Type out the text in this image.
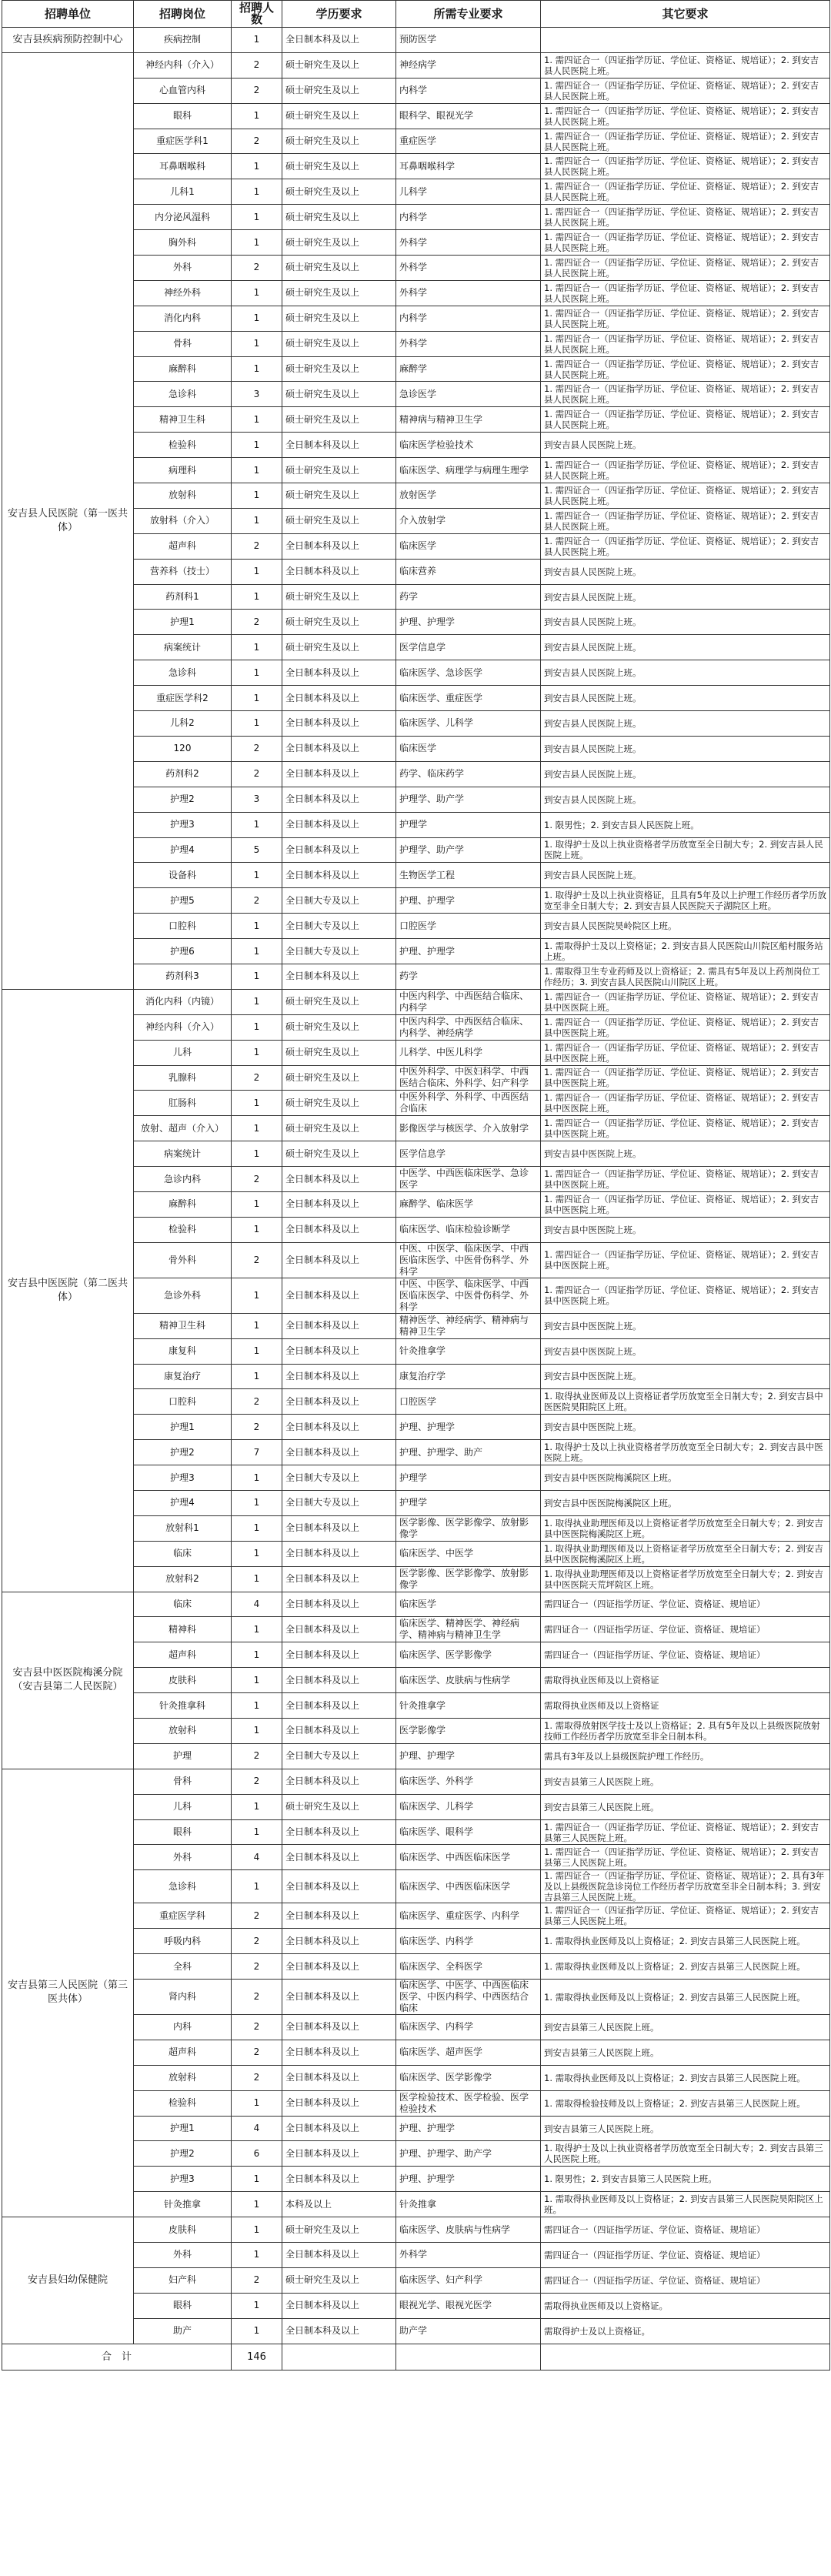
招聘单位	招聘岗位	招聘人数	学历要求	所需专业要求	其它要求
安吉县疾病预防控制中心	疾病控制	1	全日制本科及以上	预防医学	
安吉县人民医院（第一医共体）	神经内科（介入）	2	硕士研究生及以上	神经病学	1. 需四证合一（四证指学历证、学位证、资格证、规培证）；2. 到安吉县人民医院上班。
	心血管内科	2	硕士研究生及以上	内科学	1. 需四证合一（四证指学历证、学位证、资格证、规培证）；2. 到安吉县人民医院上班。
	眼科	1	硕士研究生及以上	眼科学、眼视光学	1. 需四证合一（四证指学历证、学位证、资格证、规培证）；2. 到安吉县人民医院上班。
	重症医学科1	2	硕士研究生及以上	重症医学	1. 需四证合一（四证指学历证、学位证、资格证、规培证）；2. 到安吉县人民医院上班。
	耳鼻咽喉科	1	硕士研究生及以上	耳鼻咽喉科学	1. 需四证合一（四证指学历证、学位证、资格证、规培证）；2. 到安吉县人民医院上班。
	儿科1	1	硕士研究生及以上	儿科学	1. 需四证合一（四证指学历证、学位证、资格证、规培证）；2. 到安吉县人民医院上班。
	内分泌风湿科	1	硕士研究生及以上	内科学	1. 需四证合一（四证指学历证、学位证、资格证、规培证）；2. 到安吉县人民医院上班。
	胸外科	1	硕士研究生及以上	外科学	1. 需四证合一（四证指学历证、学位证、资格证、规培证）；2. 到安吉县人民医院上班。
	外科	2	硕士研究生及以上	外科学	1. 需四证合一（四证指学历证、学位证、资格证、规培证）；2. 到安吉县人民医院上班。
	神经外科	1	硕士研究生及以上	外科学	1. 需四证合一（四证指学历证、学位证、资格证、规培证）；2. 到安吉县人民医院上班。
	消化内科	1	硕士研究生及以上	内科学	1. 需四证合一（四证指学历证、学位证、资格证、规培证）；2. 到安吉县人民医院上班。
	骨科	1	硕士研究生及以上	外科学	1. 需四证合一（四证指学历证、学位证、资格证、规培证）；2. 到安吉县人民医院上班。
	麻醉科	1	硕士研究生及以上	麻醉学	1. 需四证合一（四证指学历证、学位证、资格证、规培证）；2. 到安吉县人民医院上班。
	急诊科	3	硕士研究生及以上	急诊医学	1. 需四证合一（四证指学历证、学位证、资格证、规培证）；2. 到安吉县人民医院上班。
	精神卫生科	1	硕士研究生及以上	精神病与精神卫生学	1. 需四证合一（四证指学历证、学位证、资格证、规培证）；2. 到安吉县人民医院上班。
	检验科	1	全日制本科及以上	临床医学检验技术	到安吉县人民医院上班。
	病理科	1	硕士研究生及以上	临床医学、病理学与病理生理学	1. 需四证合一（四证指学历证、学位证、资格证、规培证）；2. 到安吉县人民医院上班。
	放射科	1	硕士研究生及以上	放射医学	1. 需四证合一（四证指学历证、学位证、资格证、规培证）；2. 到安吉县人民医院上班。
	放射科（介入）	1	硕士研究生及以上	介入放射学	1. 需四证合一（四证指学历证、学位证、资格证、规培证）；2. 到安吉县人民医院上班。
	超声科	2	全日制本科及以上	临床医学	1. 需四证合一（四证指学历证、学位证、资格证、规培证）；2. 到安吉县人民医院上班。
	营养科（技士）	1	全日制本科及以上	临床营养	到安吉县人民医院上班。
	药剂科1	1	硕士研究生及以上	药学	到安吉县人民医院上班。
	护理1	2	硕士研究生及以上	护理、护理学	到安吉县人民医院上班。
	病案统计	1	硕士研究生及以上	医学信息学	到安吉县人民医院上班。
	急诊科	1	全日制本科及以上	临床医学、急诊医学	到安吉县人民医院上班。
	重症医学科2	1	全日制本科及以上	临床医学、重症医学	到安吉县人民医院上班。
	儿科2	1	全日制本科及以上	临床医学、儿科学	到安吉县人民医院上班。
	120	2	全日制本科及以上	临床医学	到安吉县人民医院上班。
	药剂科2	2	全日制本科及以上	药学、临床药学	到安吉县人民医院上班。
	护理2	3	全日制本科及以上	护理学、助产学	到安吉县人民医院上班。
	护理3	1	全日制本科及以上	护理学	1. 限男性；2. 到安吉县人民医院上班。
	护理4	5	全日制本科及以上	护理学、助产学	1. 取得护士及以上执业资格者学历放宽至全日制大专；2. 到安吉县人民医院上班。
	设备科	1	全日制本科及以上	生物医学工程	到安吉县人民医院上班。
	护理5	2	全日制大专及以上	护理、护理学	1. 取得护士及以上执业资格证，且具有5年及以上护理工作经历者学历放宽至非全日制大专；2. 到安吉县人民医院天子湖院区上班。
	口腔科	1	全日制大专及以上	口腔医学	到安吉县人民医院昊岭院区上班。
	护理6	1	全日制大专及以上	护理、护理学	1. 需取得护士及以上资格证；2. 到安吉县人民医院山川院区船村服务站上班。
	药剂科3	1	全日制本科及以上	药学	1. 需取得卫生专业药师及以上资格证；2. 需具有5年及以上药剂岗位工作经历；3. 到安吉县人民医院山川院区上班。
安吉县中医医院（第二医共体）	消化内科（内镜）	1	硕士研究生及以上	中医内科学、中西医结合临床、内科学	1. 需四证合一（四证指学历证、学位证、资格证、规培证）；2. 到安吉县中医医院上班。
	神经内科（介入）	1	硕士研究生及以上	中医内科学、中西医结合临床、内科学、神经病学	1. 需四证合一（四证指学历证、学位证、资格证、规培证）；2. 到安吉县中医医院上班。
	儿科	1	硕士研究生及以上	儿科学、中医儿科学	1. 需四证合一（四证指学历证、学位证、资格证、规培证）；2. 到安吉县中医医院上班。
	乳腺科	2	硕士研究生及以上	中医外科学、中医妇科学、中西医结合临床、外科学、妇产科学	1. 需四证合一（四证指学历证、学位证、资格证、规培证）；2. 到安吉县中医医院上班。
	肛肠科	1	硕士研究生及以上	中医外科学、外科学、中西医结合临床	1. 需四证合一（四证指学历证、学位证、资格证、规培证）；2. 到安吉县中医医院上班。
	放射、超声（介入）	1	硕士研究生及以上	影像医学与核医学、介入放射学	1. 需四证合一（四证指学历证、学位证、资格证、规培证）；2. 到安吉县中医医院上班。
	病案统计	1	硕士研究生及以上	医学信息学	到安吉县中医医院上班。
	急诊内科	2	全日制本科及以上	中医学、中西医临床医学、急诊医学	1. 需四证合一（四证指学历证、学位证、资格证、规培证）；2. 到安吉县中医医院上班。
	麻醉科	1	全日制本科及以上	麻醉学、临床医学	1. 需四证合一（四证指学历证、学位证、资格证、规培证）；2. 到安吉县中医医院上班。
	检验科	1	全日制本科及以上	临床医学、临床检验诊断学	到安吉县中医医院上班。
	骨外科	2	全日制本科及以上	中医、中医学、临床医学、中西医临床医学、中医骨伤科学、外科学	1. 需四证合一（四证指学历证、学位证、资格证、规培证）；2. 到安吉县中医医院上班。
	急诊外科	1	全日制本科及以上	中医、中医学、临床医学、中西医临床医学、中医骨伤科学、外科学	1. 需四证合一（四证指学历证、学位证、资格证、规培证）；2. 到安吉县中医医院上班。
	精神卫生科	1	全日制本科及以上	精神医学、神经病学、精神病与精神卫生学	到安吉县中医医院上班。
	康复科	1	全日制本科及以上	针灸推拿学	到安吉县中医医院上班。
	康复治疗	1	全日制本科及以上	康复治疗学	到安吉县中医医院上班。
	口腔科	2	全日制本科及以上	口腔医学	1. 取得执业医师及以上资格证者学历放宽至全日制大专；2. 到安吉县中医医院昊阳院区上班。
	护理1	2	全日制本科及以上	护理、护理学	到安吉县中医医院上班。
	护理2	7	全日制本科及以上	护理、护理学、助产	1. 取得护士及以上执业资格者学历放宽至全日制大专；2. 到安吉县中医医院上班。
	护理3	1	全日制大专及以上	护理学	到安吉县中医医院梅溪院区上班。
	护理4	1	全日制大专及以上	护理学	到安吉县中医医院梅溪院区上班。
	放射科1	1	全日制本科及以上	医学影像、医学影像学、放射影像学	1. 取得执业助理医师及以上资格证者学历放宽至全日制大专；2. 到安吉县中医医院梅溪院区上班。
	临床	1	全日制本科及以上	临床医学、中医学	1. 取得执业助理医师及以上资格证者学历放宽至全日制大专；2. 到安吉县中医医院梅溪院区上班。
	放射科2	1	全日制本科及以上	医学影像、医学影像学、放射影像学	1. 取得执业助理医师及以上资格证者学历放宽至全日制大专；2. 到安吉县中医医院天荒坪院区上班。
安吉县中医医院梅溪分院（安吉县第二人民医院）	临床	4	全日制本科及以上	临床医学	需四证合一（四证指学历证、学位证、资格证、规培证）
	精神科	1	全日制本科及以上	临床医学、精神医学、神经病学、精神病与精神卫生学	需四证合一（四证指学历证、学位证、资格证、规培证）
	超声科	1	全日制本科及以上	临床医学、医学影像学	需四证合一（四证指学历证、学位证、资格证、规培证）
	皮肤科	1	全日制本科及以上	临床医学、皮肤病与性病学	需取得执业医师及以上资格证
	针灸推拿科	1	全日制本科及以上	针灸推拿学	需取得执业医师及以上资格证
	放射科	1	全日制本科及以上	医学影像学	1. 需取得放射医学技士及以上资格证；2. 具有5年及以上县级医院放射技师工作经历者学历放宽至非全日制本科。
	护理	2	全日制大专及以上	护理、护理学	需具有3年及以上县级医院护理工作经历。
安吉县第三人民医院（第三医共体）	骨科	2	全日制本科及以上	临床医学、外科学	到安吉县第三人民医院上班。
	儿科	1	硕士研究生及以上	临床医学、儿科学	到安吉县第三人民医院上班。
	眼科	1	全日制本科及以上	临床医学、眼科学	1. 需四证合一（四证指学历证、学位证、资格证、规培证）；2. 到安吉县第三人民医院上班。
	外科	4	全日制本科及以上	临床医学、中西医临床医学	1. 需四证合一（四证指学历证、学位证、资格证、规培证）；2. 到安吉县第三人民医院上班。
	急诊科	1	全日制本科及以上	临床医学、中西医临床医学	1. 需四证合一（四证指学历证、学位证、资格证、规培证）；2. 具有3年及以上县级医院急诊岗位工作经历者学历放宽至非全日制本科；3. 到安吉县第三人民医院上班。
	重症医学科	2	全日制本科及以上	临床医学、重症医学、内科学	1. 需四证合一（四证指学历证、学位证、资格证、规培证）；2. 到安吉县第三人民医院上班。
	呼吸内科	2	全日制本科及以上	临床医学、内科学	1. 需取得执业医师及以上资格证；2. 到安吉县第三人民医院上班。
	全科	2	全日制本科及以上	临床医学、全科医学	1. 需取得执业医师及以上资格证；2. 到安吉县第三人民医院上班。
	肾内科	2	全日制本科及以上	临床医学、中医学、中西医临床医学、中医内科学、中西医结合临床	1. 需取得执业医师及以上资格证；2. 到安吉县第三人民医院上班。
	内科	2	全日制本科及以上	临床医学、内科学	到安吉县第三人民医院上班。
	超声科	2	全日制本科及以上	临床医学、超声医学	到安吉县第三人民医院上班。
	放射科	2	全日制本科及以上	临床医学、医学影像学	1. 需取得执业医师及以上资格证；2. 到安吉县第三人民医院上班。
	检验科	1	全日制本科及以上	医学检验技术、医学检验、医学检验技术	1. 需取得检验技师及以上资格证；2. 到安吉县第三人民医院上班。
	护理1	4	全日制本科及以上	护理、护理学	到安吉县第三人民医院上班。
	护理2	6	全日制本科及以上	护理、护理学、助产学	1. 取得护士及以上执业资格者学历放宽至全日制大专；2. 到安吉县第三人民医院上班。
	护理3	1	全日制本科及以上	护理、护理学	1. 限男性；2. 到安吉县第三人民医院上班。
	针灸推拿	1	本科及以上	针灸推拿	1. 需取得执业医师及以上资格证；2. 到安吉县第三人民医院昊阳院区上班。
安吉县妇幼保健院	皮肤科	1	硕士研究生及以上	临床医学、皮肤病与性病学	需四证合一（四证指学历证、学位证、资格证、规培证）
	外科	1	全日制本科及以上	外科学	需四证合一（四证指学历证、学位证、资格证、规培证）
	妇产科	2	硕士研究生及以上	临床医学、妇产科学	需四证合一（四证指学历证、学位证、资格证、规培证）
	眼科	1	全日制本科及以上	眼视光学、眼视光医学	需取得执业医师及以上资格证。
	助产	1	全日制本科及以上	助产学	需取得护士及以上资格证。
合　计		146			
